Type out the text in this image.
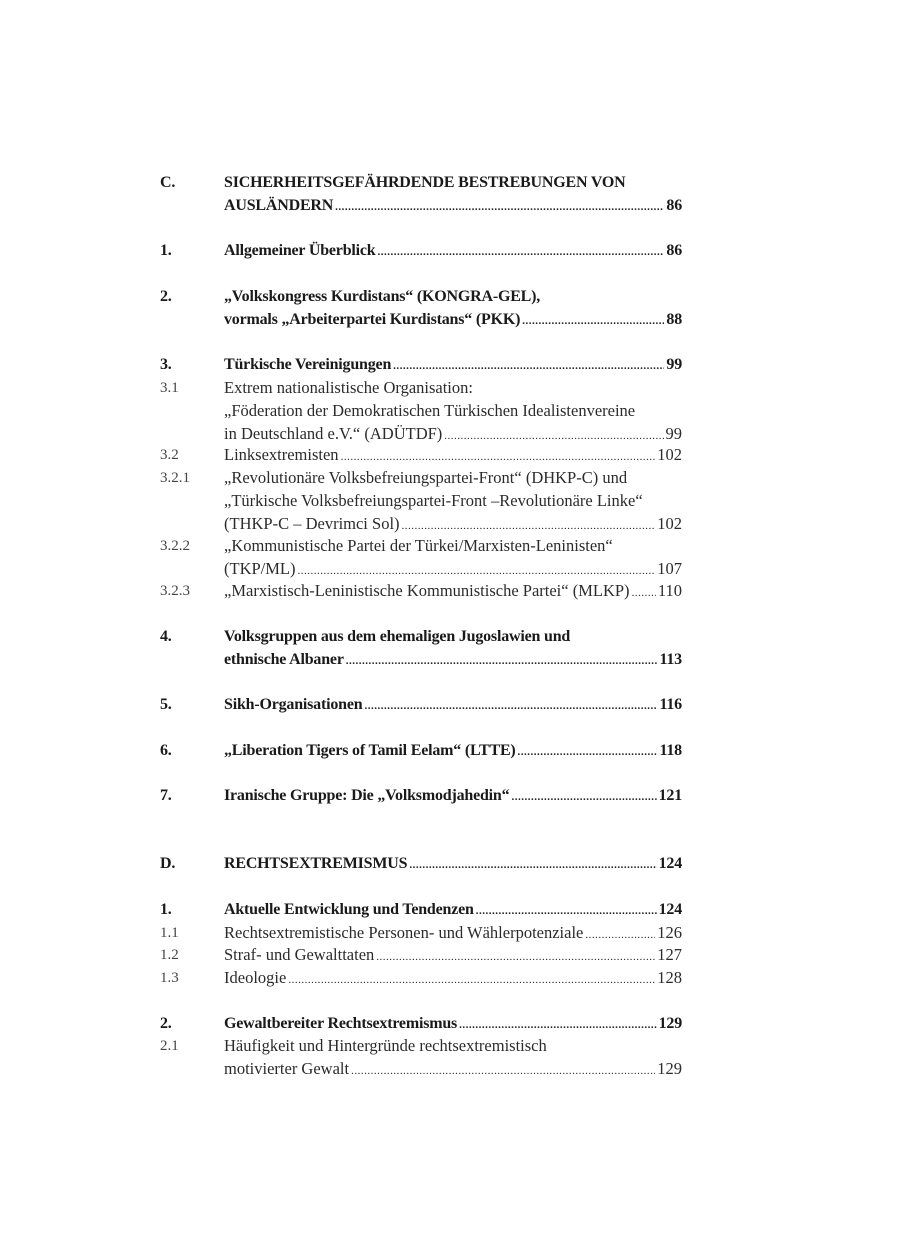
C.	SICHERHEITSGEFÄHRDENDE BESTREBUNGEN VON
AUSLÄNDERN .....	86
1.	Allgemeiner Überblick .....	86
2.	„Volkskongress Kurdistans“ (KONGRA-GEL),
vormals „Arbeiterpartei Kurdistans“ (PKK) .....	88
3.	Türkische Vereinigungen .....	99
3.1	Extrem nationalistische Organisation:
„Föderation der Demokratischen Türkischen Idealistenvereine
in Deutschland e.V.“ (ADÜTDF) .....	99
3.2	Linksextremisten .....	102
3.2.1 „Revolutionäre Volksbefreiungspartei-Front“ (DHKP-C) und
„Türkische Volksbefreiungspartei-Front –Revolutionäre Linke“
(THKP-C – Devrimci Sol) .....	102
3.2.2 „Kommunistische Partei der Türkei/Marxisten-Leninisten“
(TKP/ML) .....	107
3.2.3 „Marxistisch-Leninistische Kommunistische Partei“ (MLKP) ..... 110
4.	Volksgruppen aus dem ehemaligen Jugoslawien und
ethnische Albaner .....	113
5.	Sikh-Organisationen .....	116
6.	„Liberation Tigers of Tamil Eelam“ (LTTE) .....	118
7.	Iranische Gruppe: Die „Volksmodjahedin“ .....	121
D.	RECHTSEXTREMISMUS .....	124
1.	Aktuelle Entwicklung und Tendenzen .....	124
1.1	Rechtsextremistische Personen- und Wählerpotenziale .....	126
1.2	Straf- und Gewalttaten .....	127
1.3	Ideologie .....	128
2.	Gewaltbereiter Rechtsextremismus .....	129
2.1	Häufigkeit und Hintergründe rechtsextremistisch
motivierter Gewalt .....	129
